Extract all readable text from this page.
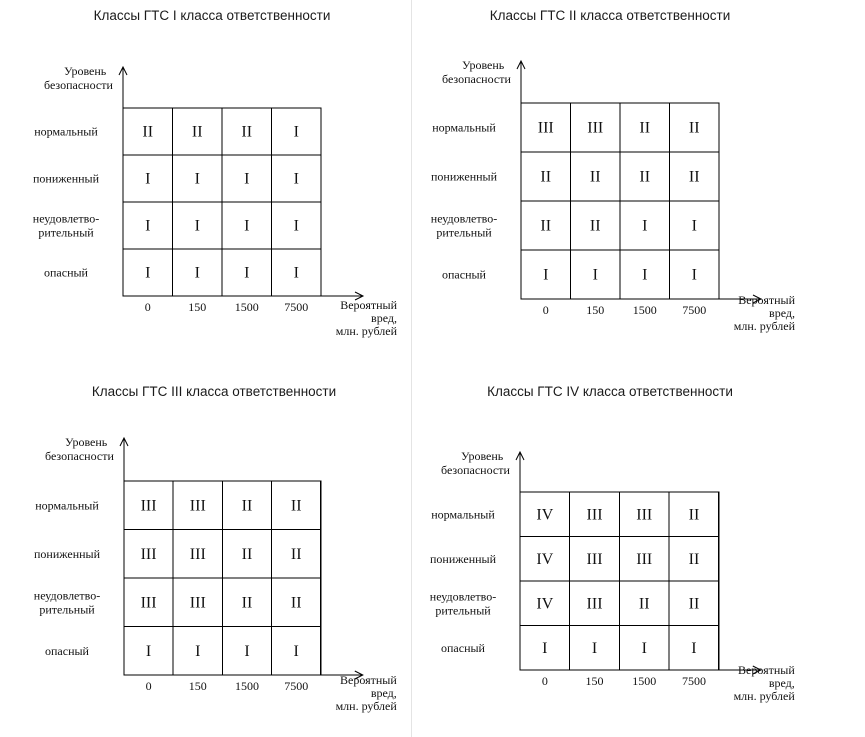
Классы ГТС I класса ответственности
Уровень
безопасности
II II II	I
I	I	I	I
I	I	I	I
I	I	I	I
нормальный
пониженный
неудовлетво-
рительный
опасный
0	150 1500 7500	Вероятный
вред,
млн. рублей
Классы ГТС II класса ответственности
Уровень
безопасности
III III II II
II II II II
II II	I	I
I	I	I	I
нормальный
пониженный
неудовлетво-
рительный
опасный
0	150 1500 7500
Вероятный
вред,
млн. рублей
Классы ГТС III класса ответственности
Уровень
безопасности
III III II II
III III II II
III III II II
I	I	I	I
нормальный
пониженный
неудовлетво-
рительный
опасный
0	150 1500 7500	Вероятный
вред,
млн. рублей
Классы ГТС IV класса ответственности
Уровень
безопасности
IV III III II
IV III III II
IV III II II
I	I	I	I
нормальный
пониженный
неудовлетво-
рительный
опасный
0	150 1500 7500
Вероятный
вред,
млн. рублей
